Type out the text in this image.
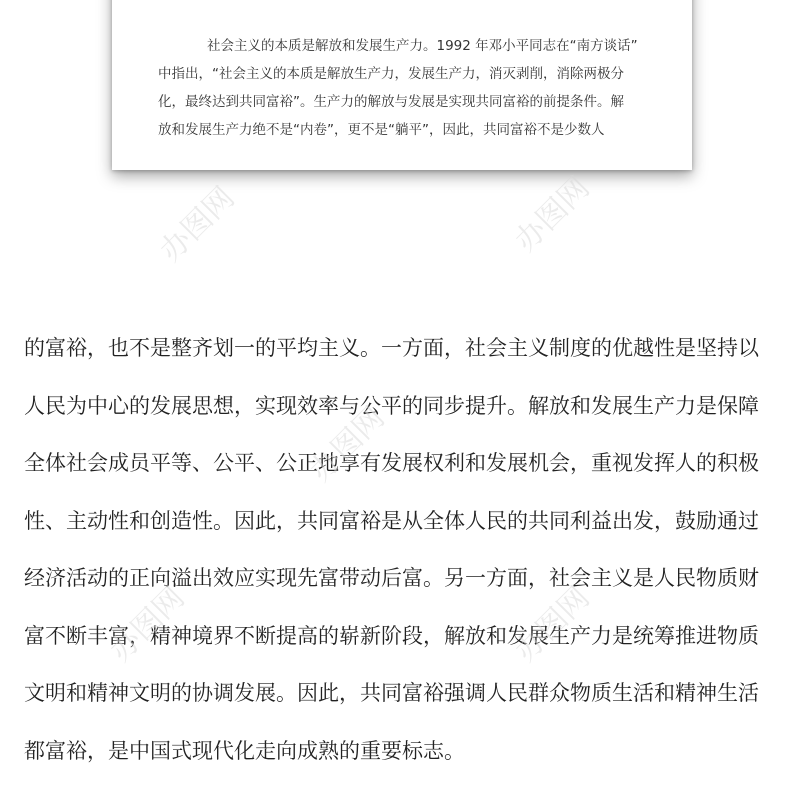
社会主义的本质是解放和发展生产力。1992 年邓小平同志在“南方谈话”
中指出，“社会主义的本质是解放生产力，发展生产力，消灭剥削，消除两极分
化，最终达到共同富裕”。生产力的解放与发展是实现共同富裕的前提条件。解
放和发展生产力绝不是“内卷”，更不是“躺平”，因此，共同富裕不是少数人
的富裕，也不是整齐划一的平均主义。一方面，社会主义制度的优越性是坚持以
人民为中心的发展思想，实现效率与公平的同步提升。解放和发展生产力是保障
全体社会成员平等、公平、公正地享有发展权利和发展机会，重视发挥人的积极
性、主动性和创造性。因此，共同富裕是从全体人民的共同利益出发，鼓励通过
经济活动的正向溢出效应实现先富带动后富。另一方面，社会主义是人民物质财
富不断丰富，精神境界不断提高的崭新阶段，解放和发展生产力是统筹推进物质
文明和精神文明的协调发展。因此，共同富裕强调人民群众物质生活和精神生活
都富裕，是中国式现代化走向成熟的重要标志。
办图网	办图网
办图网
办图网	办图网
